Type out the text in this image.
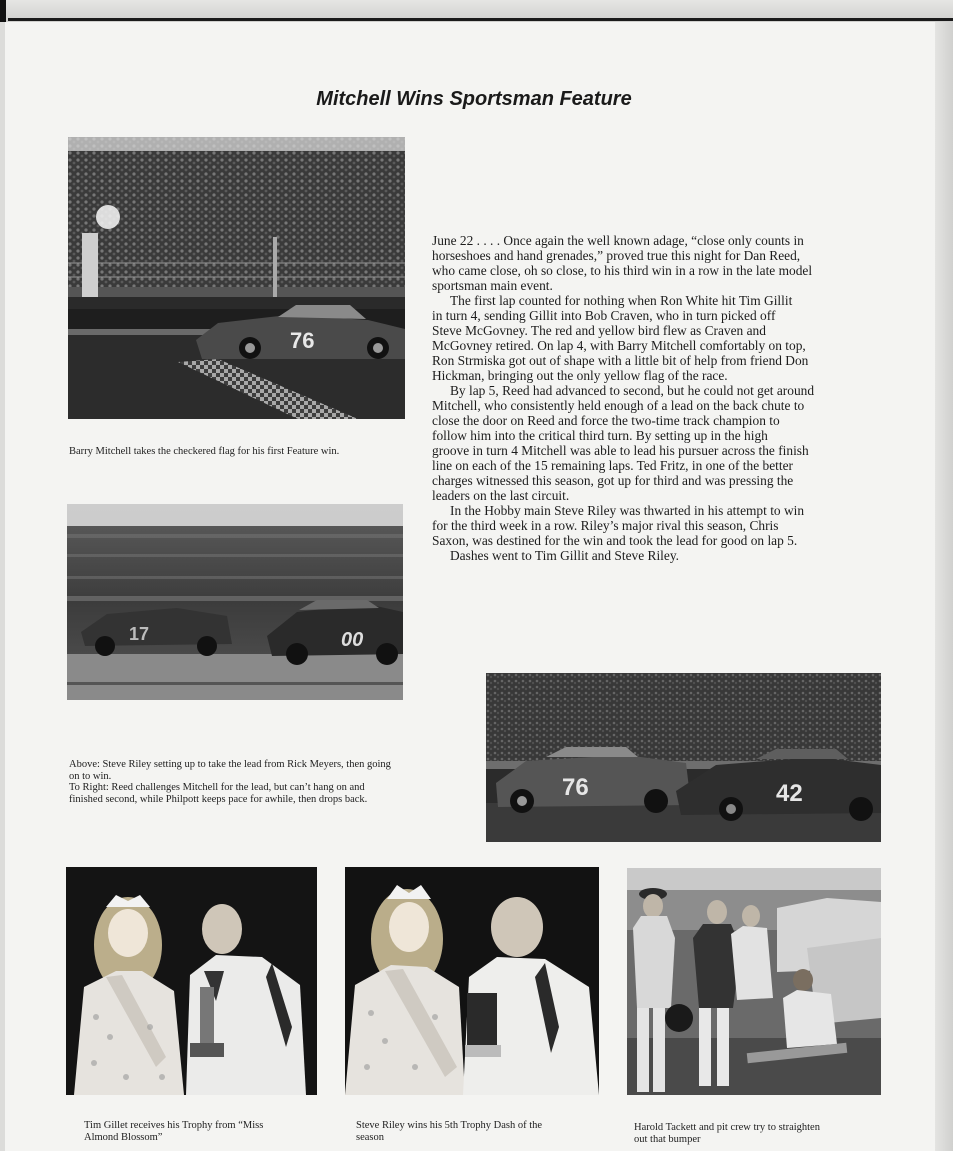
Mitchell Wins Sportsman Feature
76
Barry Mitchell takes the checkered flag for his first Feature win.
17	00
Above: Steve Riley setting up to take the lead from Rick Meyers, then going
on to win.
To Right: Reed challenges Mitchell for the lead, but can’t hang on and
finished second, while Philpott keeps pace for awhile, then drops back.	76	42
June 22 . . . . Once again the well known adage, “close only counts in
horseshoes and hand grenades,” proved true this night for Dan Reed,
who came close, oh so close, to his third win in a row in the late model
sportsman main event.
The first lap counted for nothing when Ron White hit Tim Gillit
in turn 4, sending Gillit into Bob Craven, who in turn picked off
Steve McGovney. The red and yellow bird flew as Craven and
McGovney retired. On lap 4, with Barry Mitchell comfortably on top,
Ron Strmiska got out of shape with a little bit of help from friend Don
Hickman, bringing out the only yellow flag of the race.
By lap 5, Reed had advanced to second, but he could not get around
Mitchell, who consistently held enough of a lead on the back chute to
close the door on Reed and force the two-time track champion to
follow him into the critical third turn. By setting up in the high
groove in turn 4 Mitchell was able to lead his pursuer across the finish
line on each of the 15 remaining laps. Ted Fritz, in one of the better
charges witnessed this season, got up for third and was pressing the
leaders on the last circuit.
In the Hobby main Steve Riley was thwarted in his attempt to win
for the third week in a row. Riley’s major rival this season, Chris
Saxon, was destined for the win and took the lead for good on lap 5.
Dashes went to Tim Gillit and Steve Riley.
Tim Gillet receives his Trophy from “Miss
Almond Blossom”
Steve Riley wins his 5th Trophy Dash of the
season
Harold Tackett and pit crew try to straighten
out that bumper
